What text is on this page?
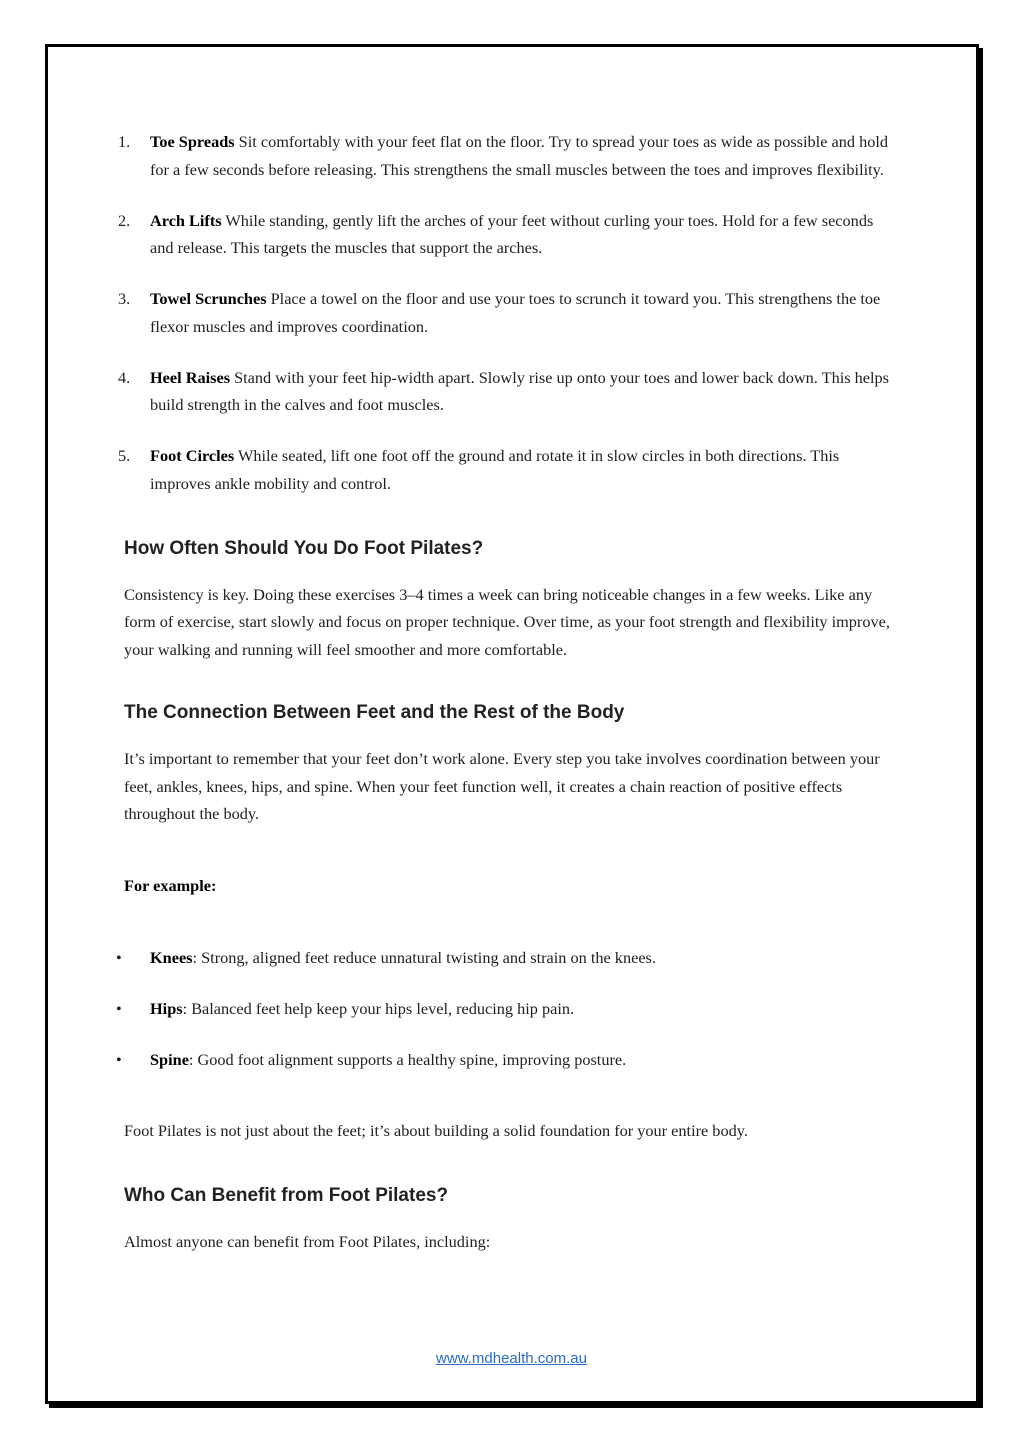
1.	Toe Spreads Sit comfortably with your feet flat on the floor. Try to spread your toes as wide as possible and hold for a few seconds before releasing. This strengthens the small muscles between the toes and improves flexibility.
2.	Arch Lifts While standing, gently lift the arches of your feet without curling your toes. Hold for a few seconds and release. This targets the muscles that support the arches.
3.	Towel Scrunches Place a towel on the floor and use your toes to scrunch it toward you. This strengthens the toe flexor muscles and improves coordination.
4.	Heel Raises Stand with your feet hip-width apart. Slowly rise up onto your toes and lower back down. This helps build strength in the calves and foot muscles.
5.	Foot Circles While seated, lift one foot off the ground and rotate it in slow circles in both directions. This improves ankle mobility and control.
How Often Should You Do Foot Pilates?

Consistency is key. Doing these exercises 3–4 times a week can bring noticeable changes in a few weeks. Like any form of exercise, start slowly and focus on proper technique. Over time, as your foot strength and flexibility improve, your walking and running will feel smoother and more comfortable.

The Connection Between Feet and the Rest of the Body

It’s important to remember that your feet don’t work alone. Every step you take involves coordination between your feet, ankles, knees, hips, and spine. When your feet function well, it creates a chain reaction of positive effects throughout the body.

For example:

• Knees: Strong, aligned feet reduce unnatural twisting and strain on the knees.
• Hips: Balanced feet help keep your hips level, reducing hip pain.
• Spine: Good foot alignment supports a healthy spine, improving posture.

Foot Pilates is not just about the feet; it’s about building a solid foundation for your entire body.

Who Can Benefit from Foot Pilates?

Almost anyone can benefit from Foot Pilates, including:

www.mdhealth.com.au
